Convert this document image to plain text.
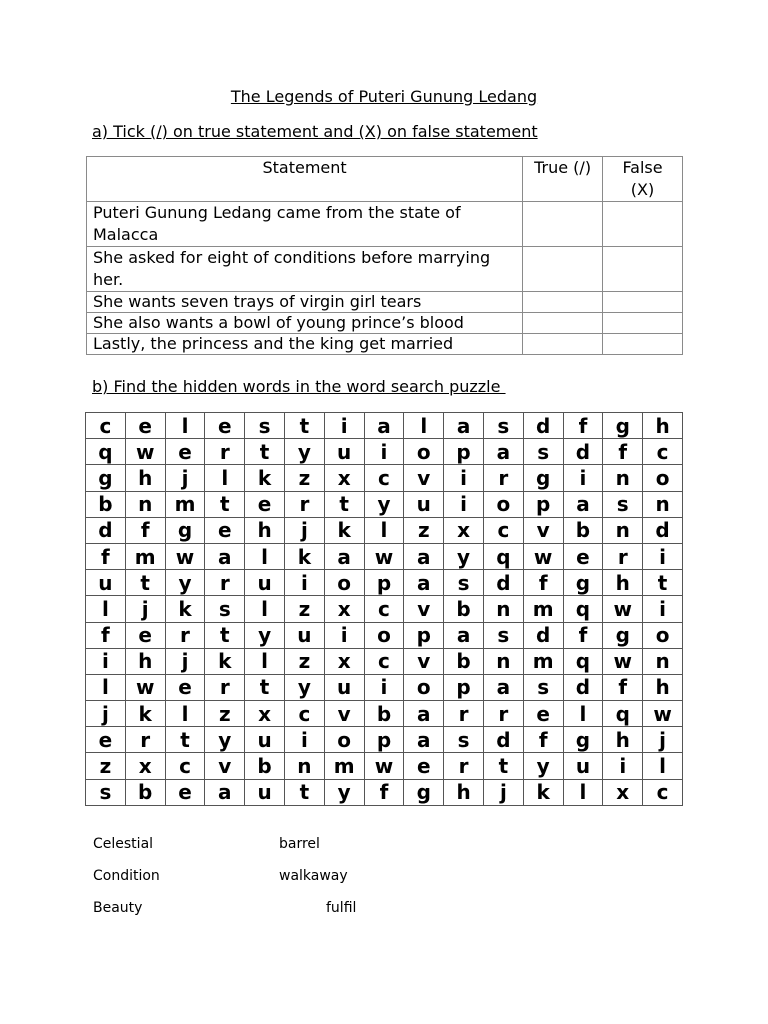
The Legends of Puteri Gunung Ledang
a) Tick (/) on true statement and (X) on false statement
Statement	True (/)	False (X)
Puteri Gunung Ledang came from the state of Malacca		
She asked for eight of conditions before marrying her.		
She wants seven trays of virgin girl tears		
She also wants a bowl of young prince’s blood		
Lastly, the princess and the king get married		
b) Find the hidden words in the word search puzzle
c	e	l	e	s	t	i	a	l	a	s	d	f	g	h
q	w	e	r	t	y	u	i	o	p	a	s	d	f	c
g	h	j	l	k	z	x	c	v	i	r	g	i	n	o
b	n	m	t	e	r	t	y	u	i	o	p	a	s	n
d	f	g	e	h	j	k	l	z	x	c	v	b	n	d
f	m	w	a	l	k	a	w	a	y	q	w	e	r	i
u	t	y	r	u	i	o	p	a	s	d	f	g	h	t
l	j	k	s	l	z	x	c	v	b	n	m	q	w	i
f	e	r	t	y	u	i	o	p	a	s	d	f	g	o
i	h	j	k	l	z	x	c	v	b	n	m	q	w	n
l	w	e	r	t	y	u	i	o	p	a	s	d	f	h
j	k	l	z	x	c	v	b	a	r	r	e	l	q	w
e	r	t	y	u	i	o	p	a	s	d	f	g	h	j
z	x	c	v	b	n	m	w	e	r	t	y	u	i	l
s	b	e	a	u	t	y	f	g	h	j	k	l	x	c
Celestial	barrel
Condition	walkaway
Beauty	fulfil
